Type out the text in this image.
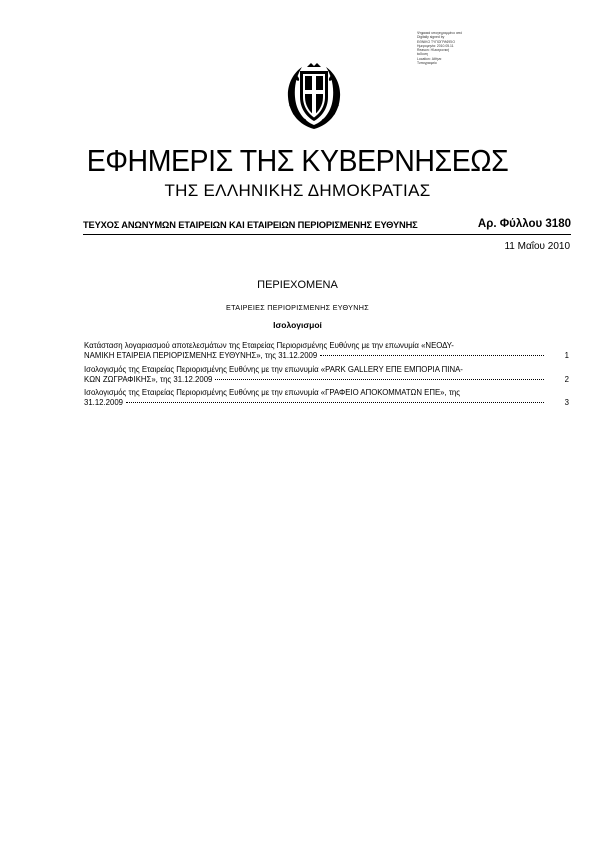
Ψηφιακά υπογεγραμμένο από
Digitally signed by
ΕΘΝΙΚΟ ΤΥΠΟΓΡΑΦΕΙΟ
Ημερομηνία: 2010.05.11
Reason: Ηλεκτρονική
έκδοση
Location: Αθήνα
Τυπογραφείο
ΕΦΗΜΕΡΙΣ ΤΗΣ ΚΥΒΕΡΝΗΣΕΩΣ
ΤΗΣ ΕΛΛΗΝΙΚΗΣ ΔΗΜΟΚΡΑΤΙΑΣ
ΤΕΥΧΟΣ ΑΝΩΝΥΜΩΝ ΕΤΑΙΡΕΙΩΝ ΚΑΙ ΕΤΑΙΡΕΙΩΝ ΠΕΡΙΟΡΙΣΜΕΝΗΣ ΕΥΘΥΝΗΣ	Αρ. Φύλλου 3180
11 Μαΐου 2010
ΠΕΡΙΕΧΟΜΕΝΑ
ΕΤΑΙΡΕΙΕΣ ΠΕΡΙΟΡΙΣΜΕΝΗΣ ΕΥΘΥΝΗΣ
Ισολογισμοί
Κατάσταση λογαριασμού αποτελεσμάτων της Εταιρείας Περιορισμένης Ευθύνης με την επωνυμία «ΝΕΟΔΥ-
ΝΑΜΙΚΗ ΕΤΑΙΡΕΙΑ ΠΕΡΙΟΡΙΣΜΕΝΗΣ ΕΥΘΥΝΗΣ», της 31.12.2009	1
Ισολογισμός της Εταιρείας Περιορισμένης Ευθύνης με την επωνυμία «PARK GALLERY ΕΠΕ ΕΜΠΟΡΙΑ ΠΙΝΑ-
ΚΩΝ ΖΩΓΡΑΦΙΚΗΣ», της 31.12.2009	2
Ισολογισμός της Εταιρείας Περιορισμένης Ευθύνης με την επωνυμία «ΓΡΑΦΕΙΟ ΑΠΟΚΟΜΜΑΤΩΝ ΕΠΕ», της
31.12.2009	3
